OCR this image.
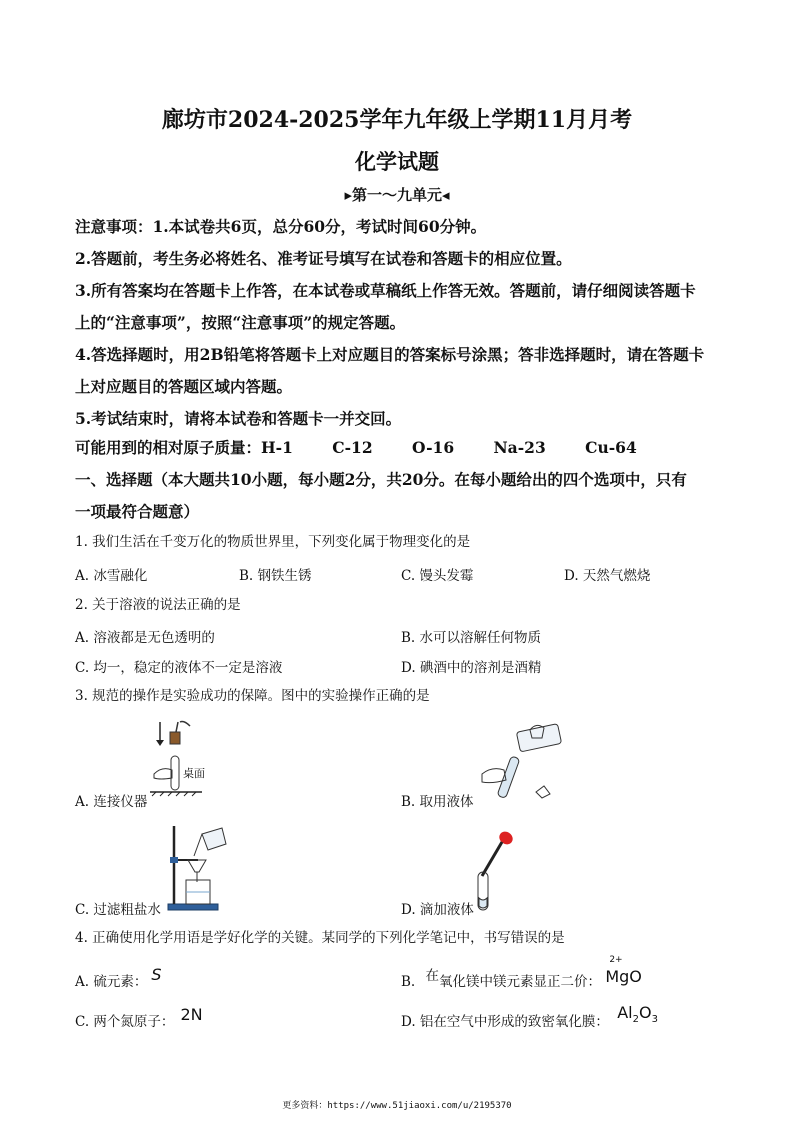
廊坊市2024-2025学年九年级上学期11月月考
化学试题
▸第一～九单元◂
注意事项：1.本试卷共6页，总分60分，考试时间60分钟。
2.答题前，考生务必将姓名、准考证号填写在试卷和答题卡的相应位置。
3.所有答案均在答题卡上作答，在本试卷或草稿纸上作答无效。答题前，请仔细阅读答题卡
上的“注意事项”，按照“注意事项”的规定答题。
4.答选择题时，用2B铅笔将答题卡上对应题目的答案标号涂黑；答非选择题时，请在答题卡
上对应题目的答题区域内答题。
5.考试结束时，请将本试卷和答题卡一并交回。
可能用到的相对原子质量：H-1	C-12	O-16	Na-23	Cu-64
一、选择题（本大题共10小题，每小题2分，共20分。在每小题给出的四个选项中，只有
一项最符合题意）
1. 我们生活在千变万化的物质世界里，下列变化属于物理变化的是
A. 冰雪融化	B. 钢铁生锈	C. 馒头发霉	D. 天然气燃烧
2. 关于溶液的说法正确的是
A. 溶液都是无色透明的	B. 水可以溶解任何物质
C. 均一，稳定的液体不一定是溶液	D. 碘酒中的溶剂是酒精
3. 规范的操作是实验成功的保障。图中的实验操作正确的是
桌面
A. 连接仪器	B. 取用液体
C. 过滤粗盐水	D. 滴加液体
4. 正确使用化学用语是学好化学的关键。某同学的下列化学笔记中，书写错误的是
A. 硫元素： S	B. 在氧化镁中镁元素显正二价：
2+
MgO
C. 两个氮原子： 2N	D. 铝在空气中形成的致密氧化膜： $Al_2O_3$
更多资料：https://www.51jiaoxi.com/u/2195370
